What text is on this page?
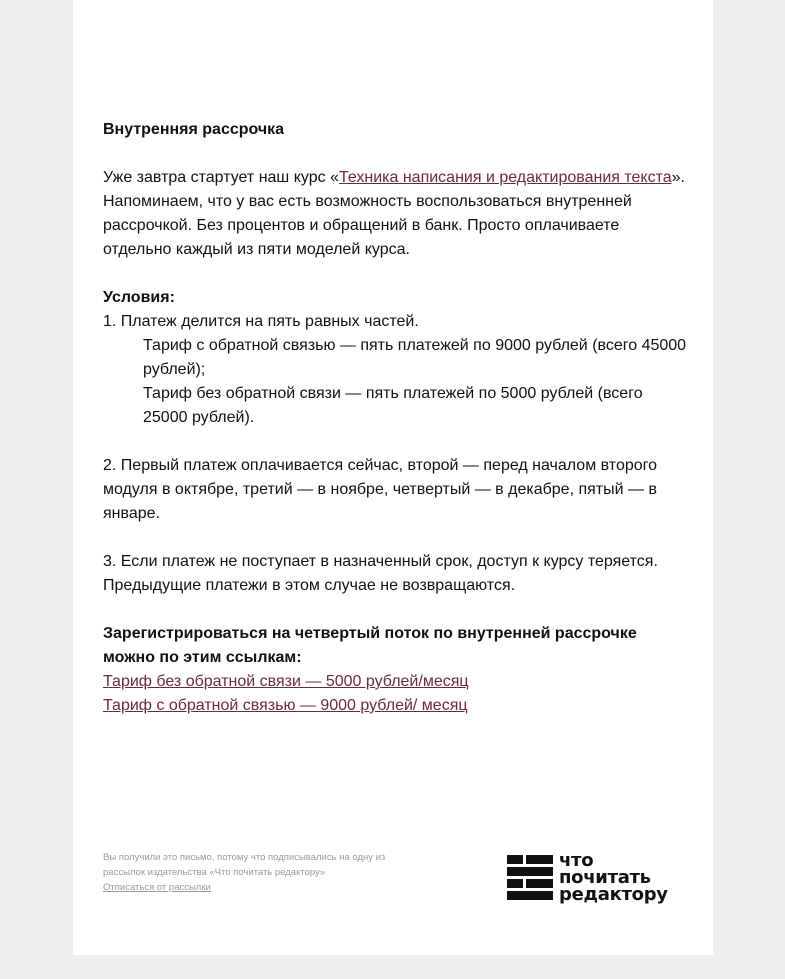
Внутренняя рассрочка

Уже завтра стартует наш курс «Техника написания и редактирования текста». Напоминаем, что у вас есть возможность воспользоваться внутренней рассрочкой. Без процентов и обращений в банк. Просто оплачиваете отдельно каждый из пяти моделей курса.

Условия:

1. Платеж делится на пять равных частей.

Тариф с обратной связью — пять платежей по 9000 рублей (всего 45000 рублей);

Тариф без обратной связи — пять платежей по 5000 рублей (всего 25000 рублей).

2. Первый платеж оплачивается сейчас, второй — перед началом второго модуля в октябре, третий — в ноябре, четвертый — в декабре, пятый — в январе.

3. Если платеж не поступает в назначенный срок, доступ к курсу теряется. Предыдущие платежи в этом случае не возвращаются.

Зарегистрироваться на четвертый поток по внутренней рассрочке можно по этим ссылкам:

Тариф без обратной связи — 5000 рублей/месяц

Тариф с обратной связью — 9000 рублей/ месяц

Вы получили это письмо, потому что подписывались на одну из рассылок издательства «Что почитать редактору»
Отписаться от рассылки
что
почитать
редактору
